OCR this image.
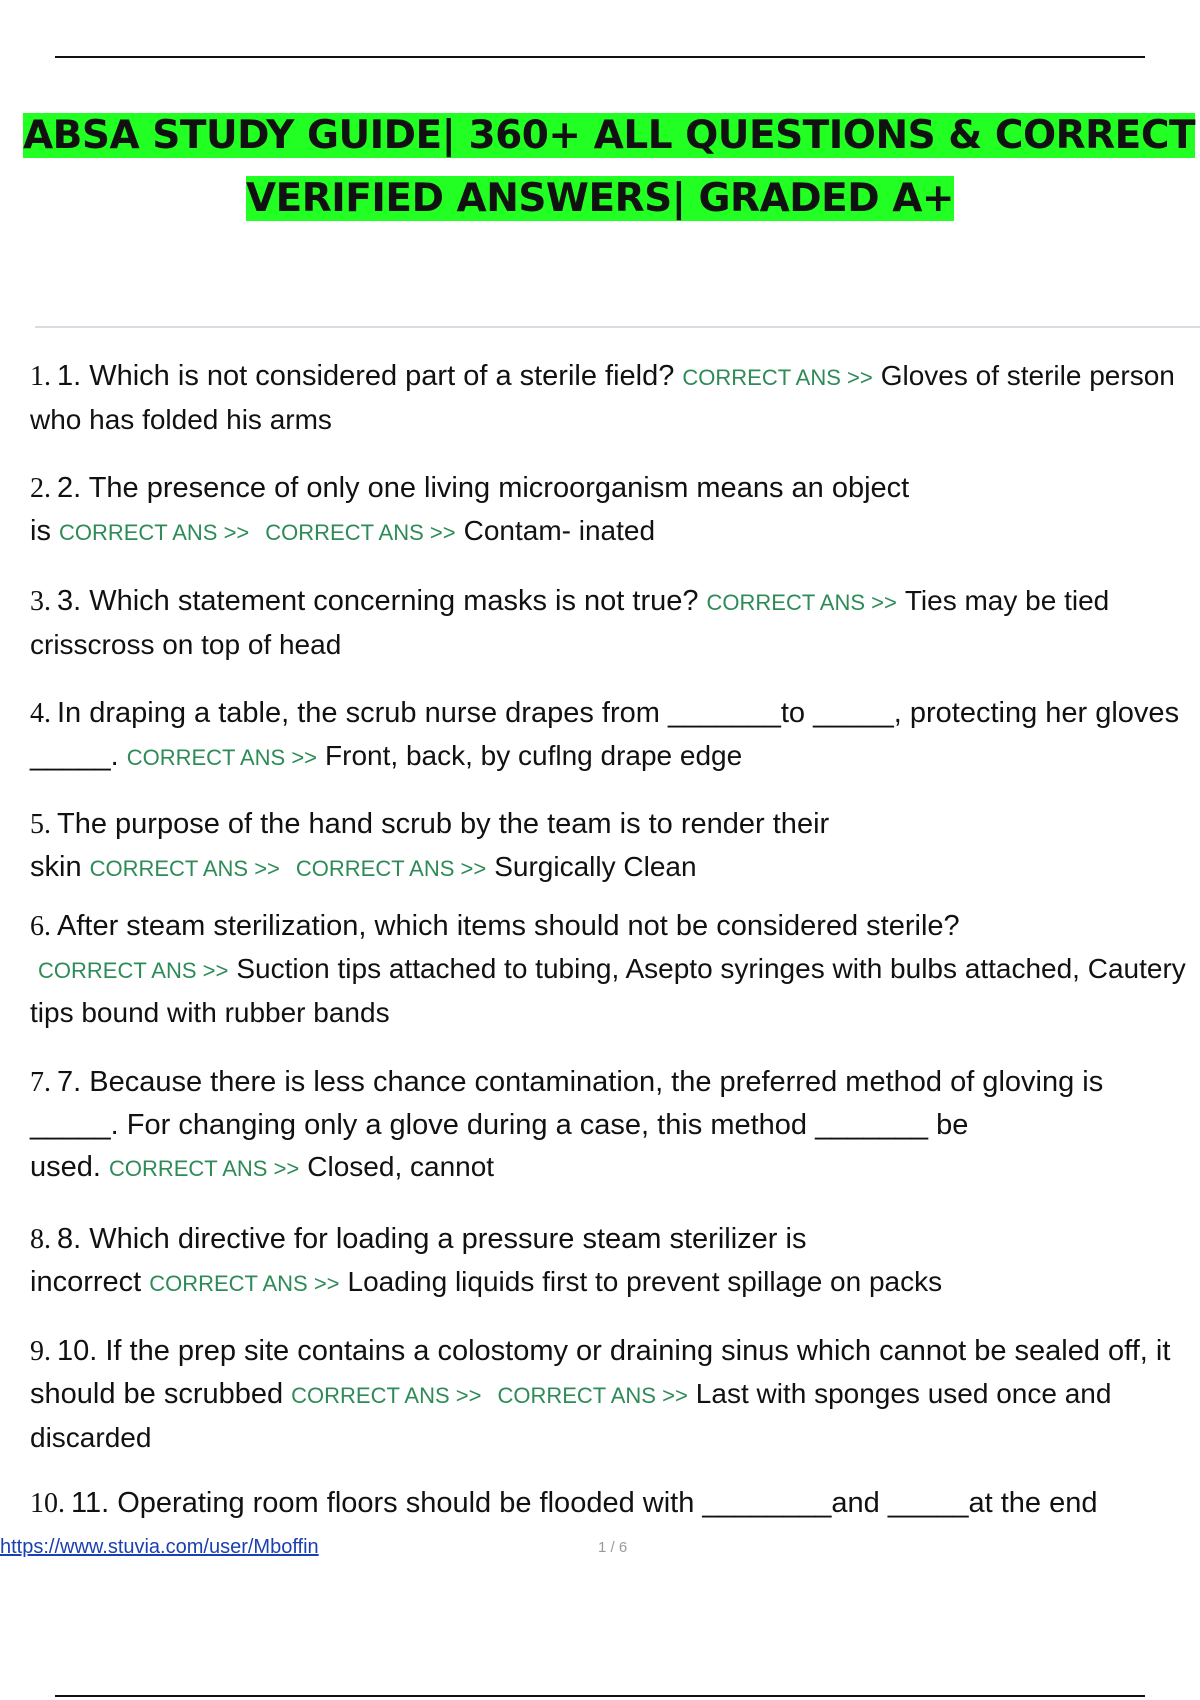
ABSA STUDY GUIDE| 360+ ALL QUESTIONS & CORRECT
VERIFIED ANSWERS| GRADED A+
1. 1. Which is not considered part of a sterile field? CORRECT ANS >> Gloves of sterile person who has folded his arms
2. 2. The presence of only one living microorganism means an object is CORRECT ANS >> CORRECT ANS >> Contam- inated
3. 3. Which statement concerning masks is not true? CORRECT ANS >> Ties may be tied crisscross on top of head
4. In draping a table, the scrub nurse drapes from _______to _____, protecting her gloves _____. CORRECT ANS >> Front, back, by cuflng drape edge
5. The purpose of the hand scrub by the team is to render their skin CORRECT ANS >> CORRECT ANS >> Surgically Clean
6. After steam sterilization, which items should not be considered sterile?CORRECT ANS >> Suction tips attached to tubing, Asepto syringes with bulbs attached, Cautery tips bound with rubber bands
7. 7. Because there is less chance contamination, the preferred method of gloving is _____. For changing only a glove during a case, this method _______ be used. CORRECT ANS >> Closed, cannot
8. 8. Which directive for loading a pressure steam sterilizer is incorrect CORRECT ANS >> Loading liquids first to prevent spillage on packs
9. 10. If the prep site contains a colostomy or draining sinus which cannot be sealed off, it should be scrubbed CORRECT ANS >> CORRECT ANS >> Last with sponges used once and discarded
10. 11. Operating room floors should be flooded with ________and _____at the end
https://www.stuvia.com/user/Mboffin	1 / 6
